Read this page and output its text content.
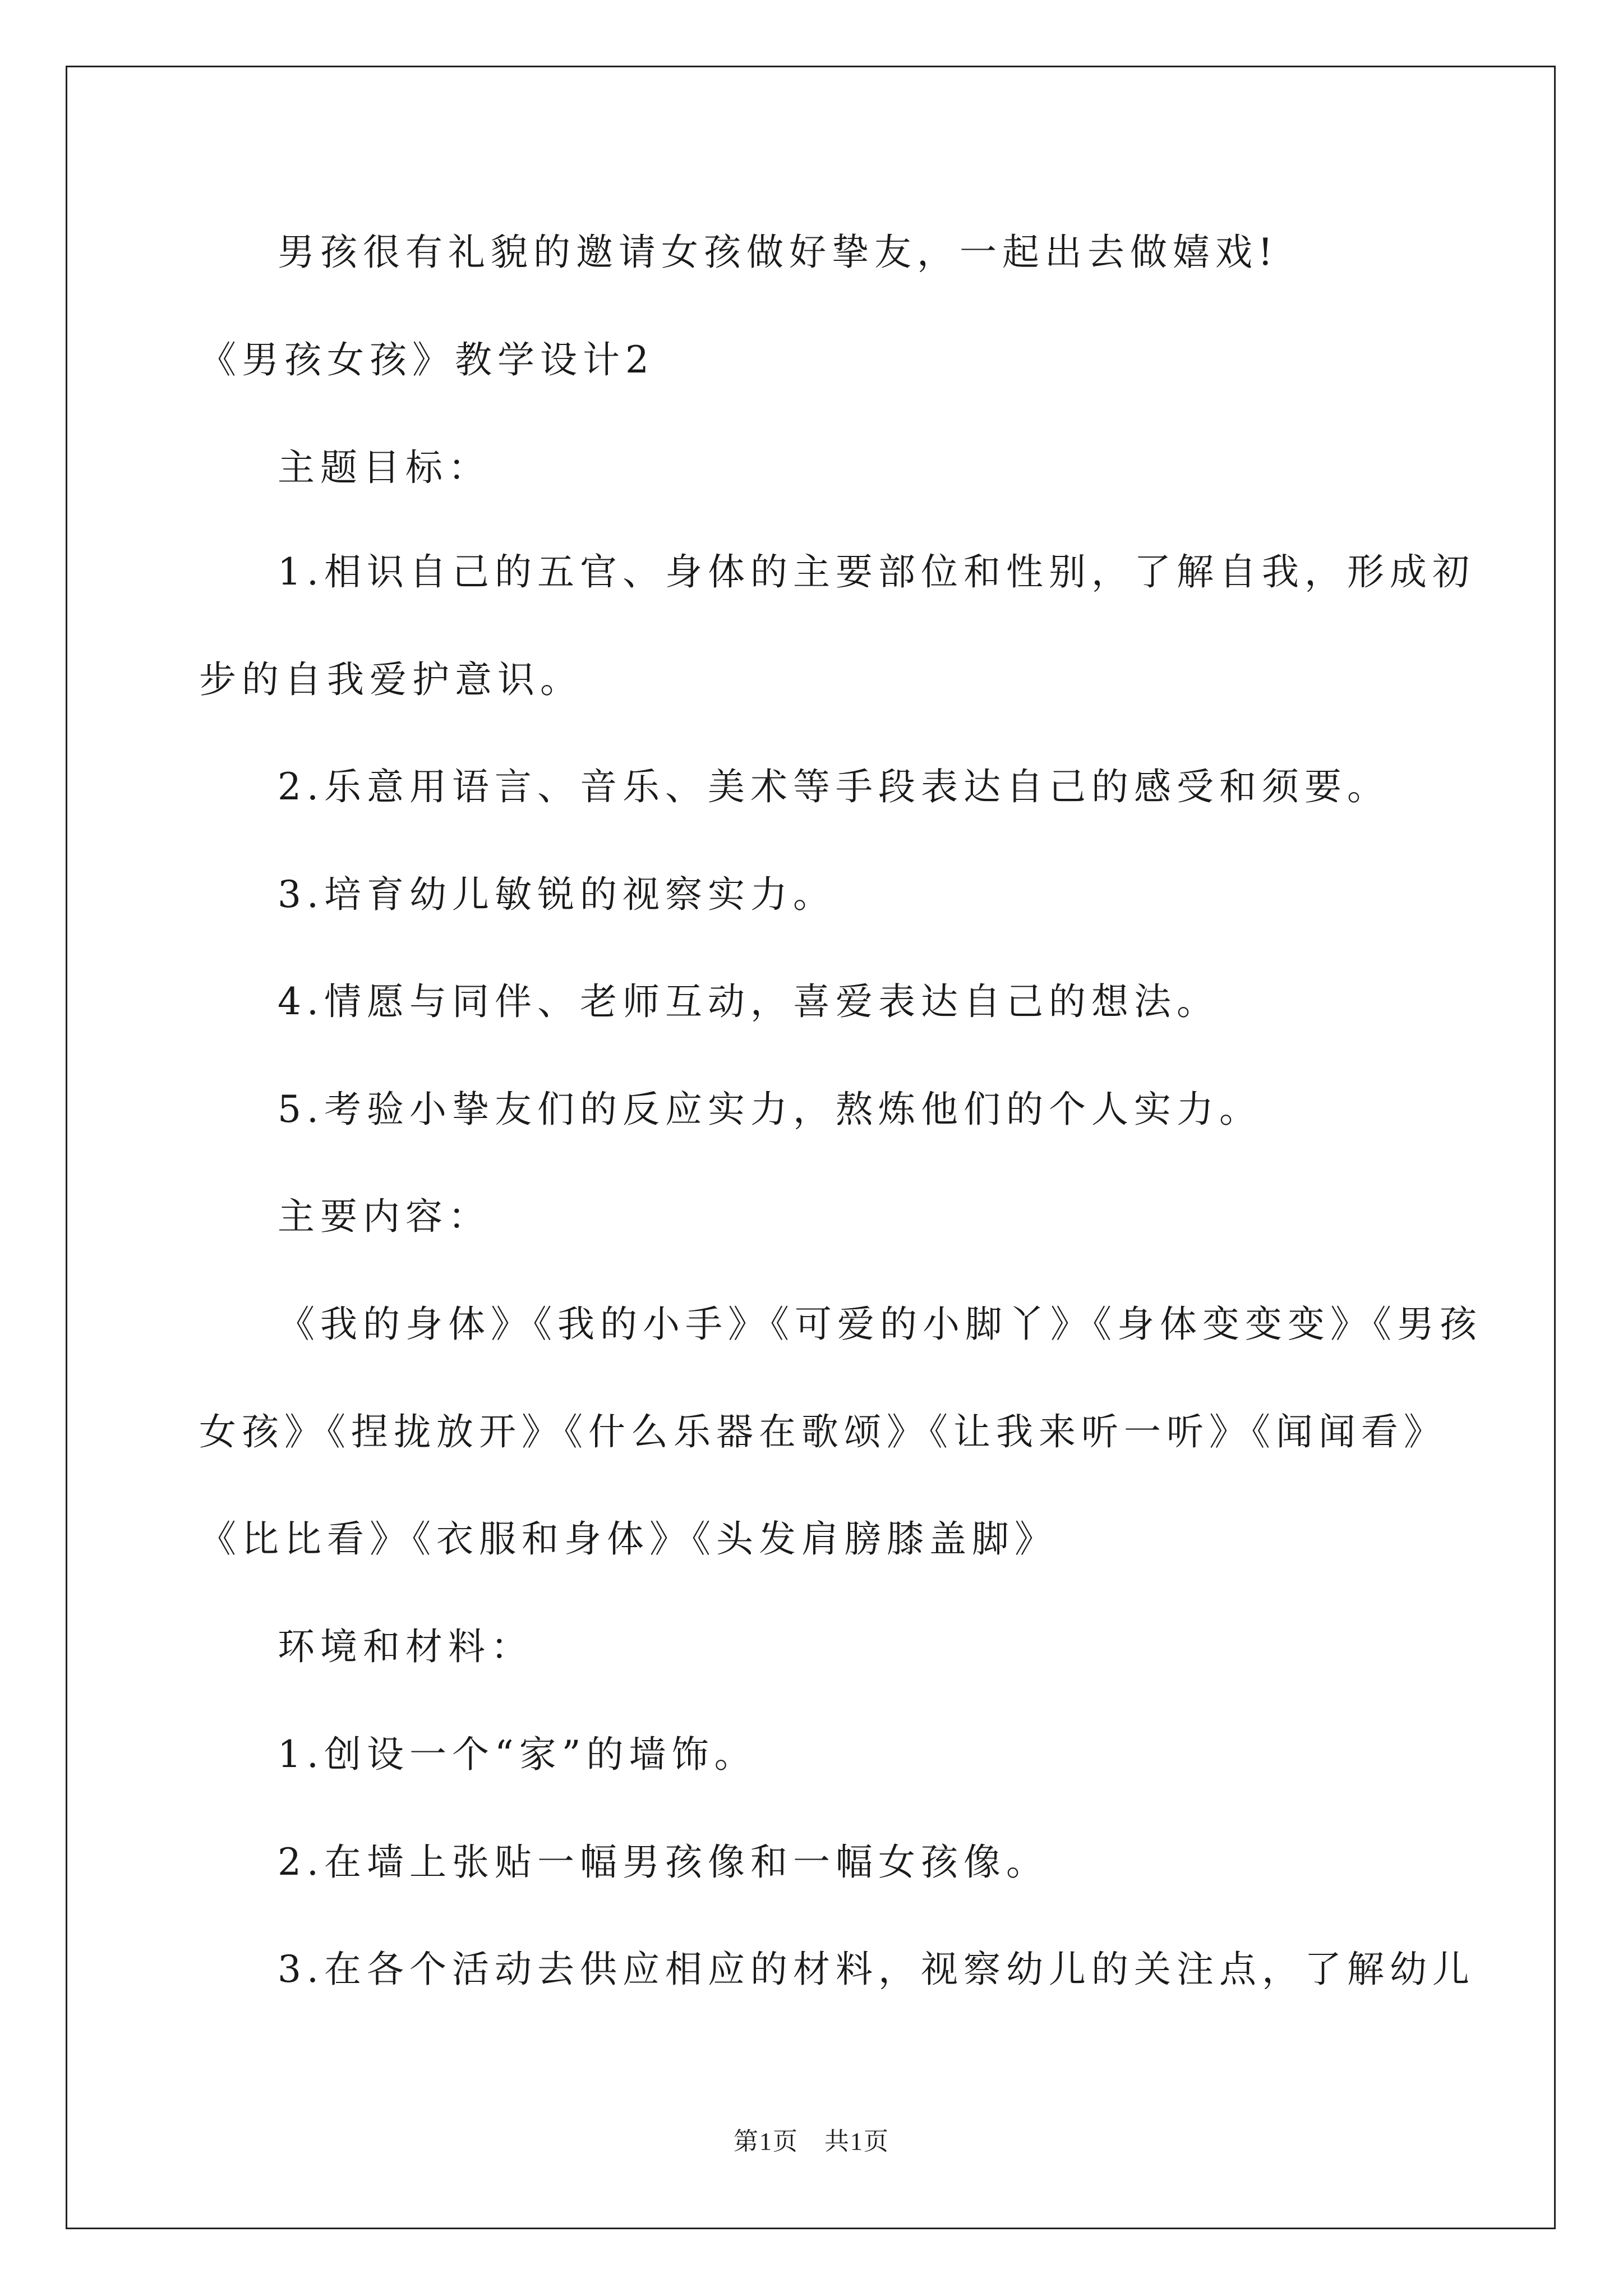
男孩很有礼貌的邀请女孩做好挚友，一起出去做嬉戏!
《男孩女孩》教学设计2
主题目标：
1.相识自己的五官、身体的主要部位和性别，了解自我，形成初
步的自我爱护意识。
2.乐意用语言、音乐、美术等手段表达自己的感受和须要。
3.培育幼儿敏锐的视察实力。
4.情愿与同伴、老师互动，喜爱表达自己的想法。
5.考验小挚友们的反应实力，熬炼他们的个人实力。
主要内容：
《我的身体》《我的小手》《可爱的小脚丫》《身体变变变》《男孩
女孩》《捏拢放开》《什么乐器在歌颂》《让我来听一听》《闻闻看》
《比比看》《衣服和身体》《头发肩膀膝盖脚》
环境和材料：
1.创设一个“家”的墙饰。
2.在墙上张贴一幅男孩像和一幅女孩像。
3.在各个活动去供应相应的材料，视察幼儿的关注点，了解幼儿
第1页　共1页
